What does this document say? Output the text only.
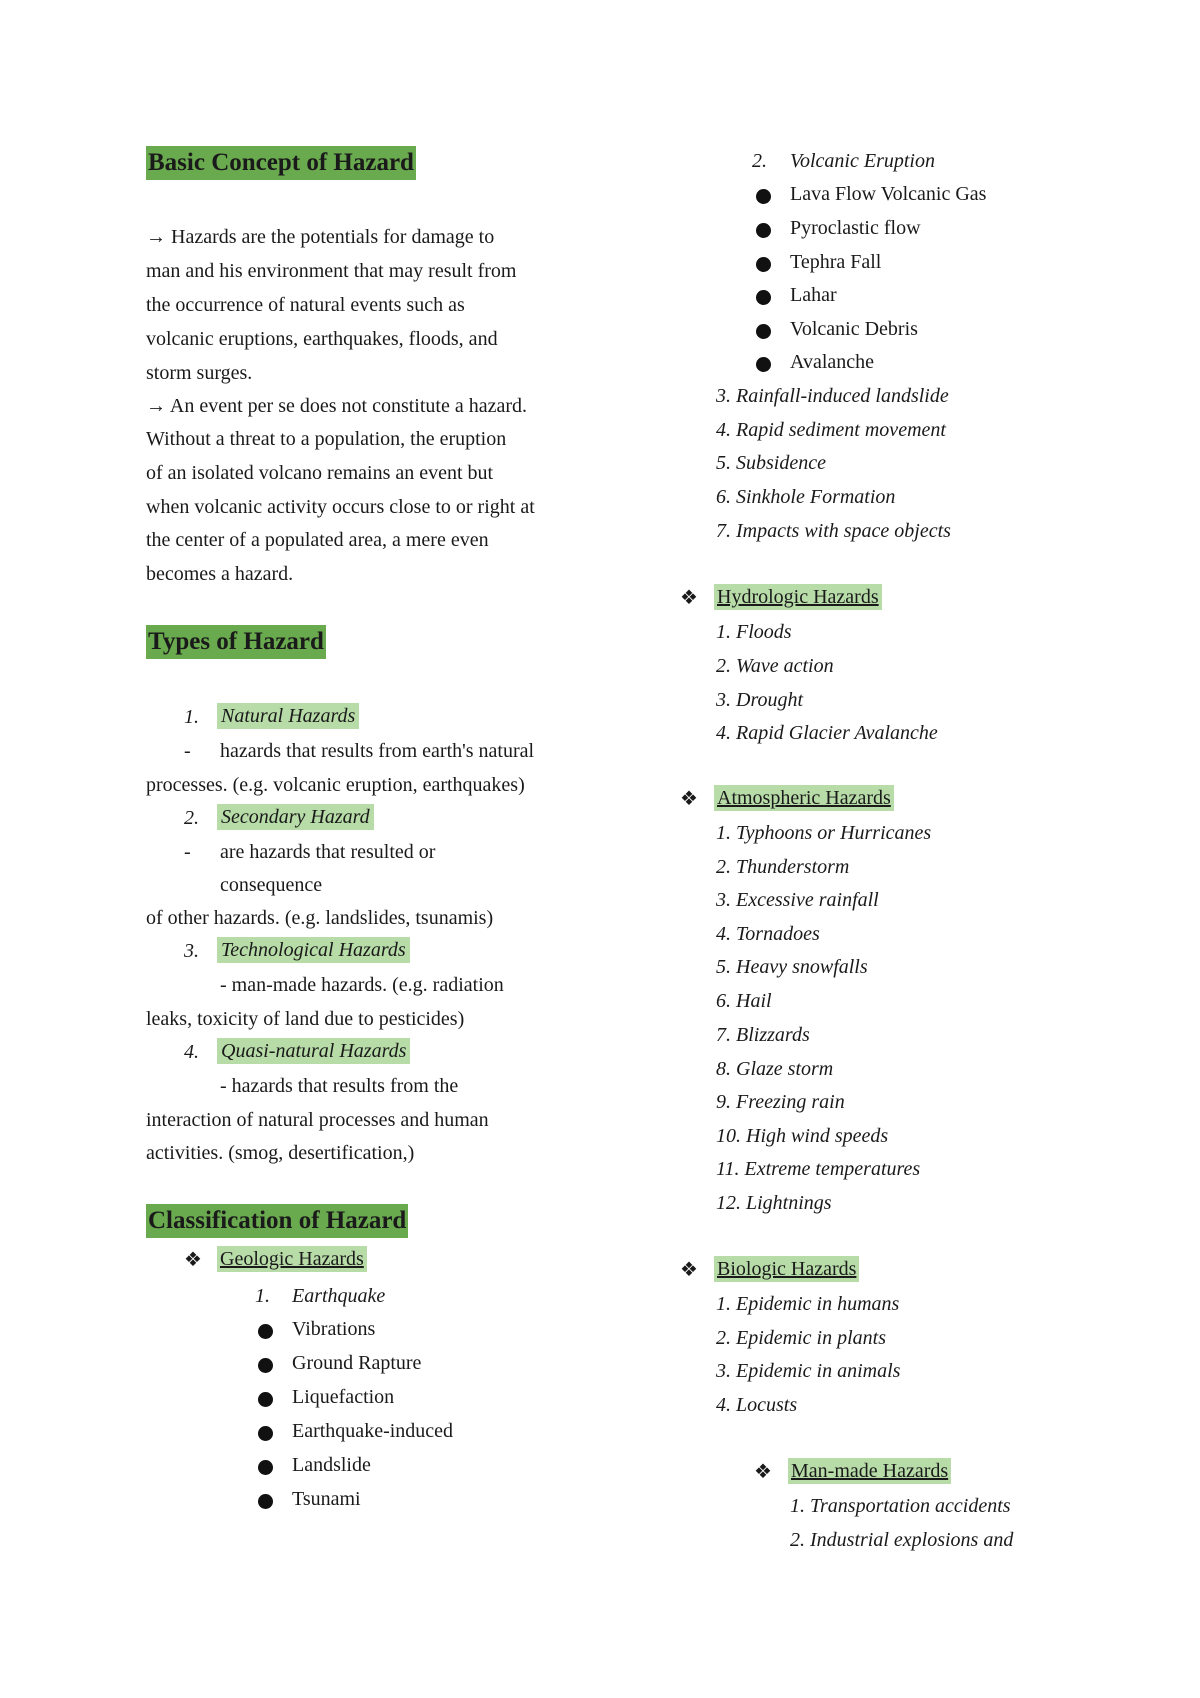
Basic Concept of Hazard
→ Hazards are the potentials for damage to
man and his environment that may result from
the occurrence of natural events such as
volcanic eruptions, earthquakes, floods, and
storm surges.
→ An event per se does not constitute a hazard.
Without a threat to a population, the eruption
of an isolated volcano remains an event but
when volcanic activity occurs close to or right at
the center of a populated area, a mere even
becomes a hazard.
Types of Hazard
1. Natural Hazards
- hazards that results from earth's natural
processes. (e.g. volcanic eruption, earthquakes)
2. Secondary Hazard
- are hazards that resulted or
consequence
of other hazards. (e.g. landslides, tsunamis)
3. Technological Hazards
- man-made hazards. (e.g. radiation
leaks, toxicity of land due to pesticides)
4. Quasi-natural Hazards
- hazards that results from the
interaction of natural processes and human
activities. (smog, desertification,)
Classification of Hazard
❖ Geologic Hazards
1. Earthquake
Vibrations
Ground Rapture
Liquefaction
Earthquake-induced
Landslide
Tsunami
2. Volcanic Eruption
Lava Flow Volcanic Gas
Pyroclastic flow
Tephra Fall
Lahar
Volcanic Debris
Avalanche
3. Rainfall-induced landslide
4. Rapid sediment movement
5. Subsidence
6. Sinkhole Formation
7. Impacts with space objects
❖ Hydrologic Hazards
1. Floods
2. Wave action
3. Drought
4. Rapid Glacier Avalanche
❖ Atmospheric Hazards
1. Typhoons or Hurricanes
2. Thunderstorm
3. Excessive rainfall
4. Tornadoes
5. Heavy snowfalls
6. Hail
7. Blizzards
8. Glaze storm
9. Freezing rain
10. High wind speeds
11. Extreme temperatures
12. Lightnings
❖ Biologic Hazards
1. Epidemic in humans
2. Epidemic in plants
3. Epidemic in animals
4. Locusts
❖ Man-made Hazards
1. Transportation accidents
2. Industrial explosions and
